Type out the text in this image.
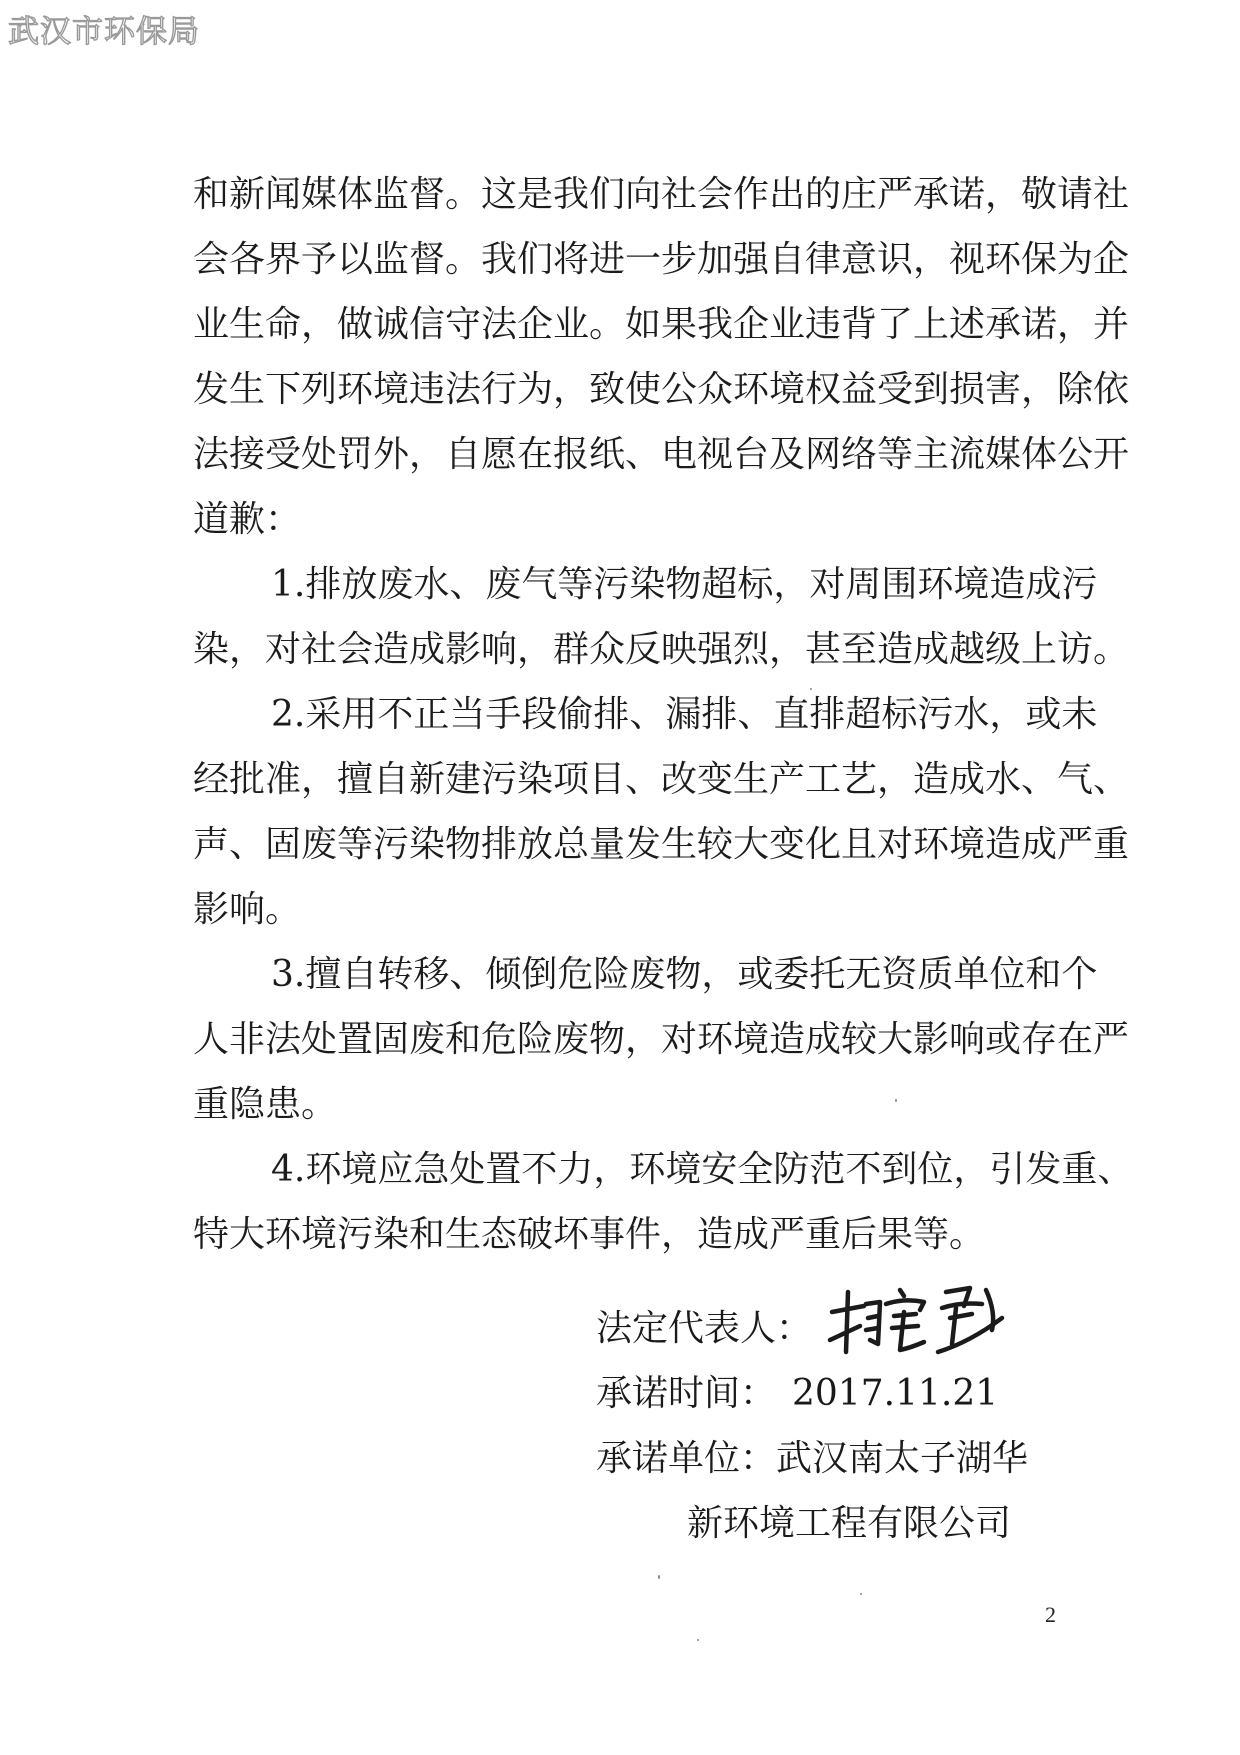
武汉市环保局
和新闻媒体监督。这是我们向社会作出的庄严承诺，敬请社
会各界予以监督。我们将进一步加强自律意识，视环保为企
业生命，做诚信守法企业。如果我企业违背了上述承诺，并
发生下列环境违法行为，致使公众环境权益受到损害，除依
法接受处罚外，自愿在报纸、电视台及网络等主流媒体公开
道歉：
1.排放废水、废气等污染物超标，对周围环境造成污
染，对社会造成影响，群众反映强烈，甚至造成越级上访。
2.采用不正当手段偷排、漏排、直排超标污水，或未
经批准，擅自新建污染项目、改变生产工艺，造成水、气、
声、固废等污染物排放总量发生较大变化且对环境造成严重
影响。
3.擅自转移、倾倒危险废物，或委托无资质单位和个
人非法处置固废和危险废物，对环境造成较大影响或存在严
重隐患。
4.环境应急处置不力，环境安全防范不到位，引发重、
特大环境污染和生态破坏事件，造成严重后果等。
法定代表人：
承诺时间： 2017.11.21
承诺单位：武汉南太子湖华
新环境工程有限公司
2
